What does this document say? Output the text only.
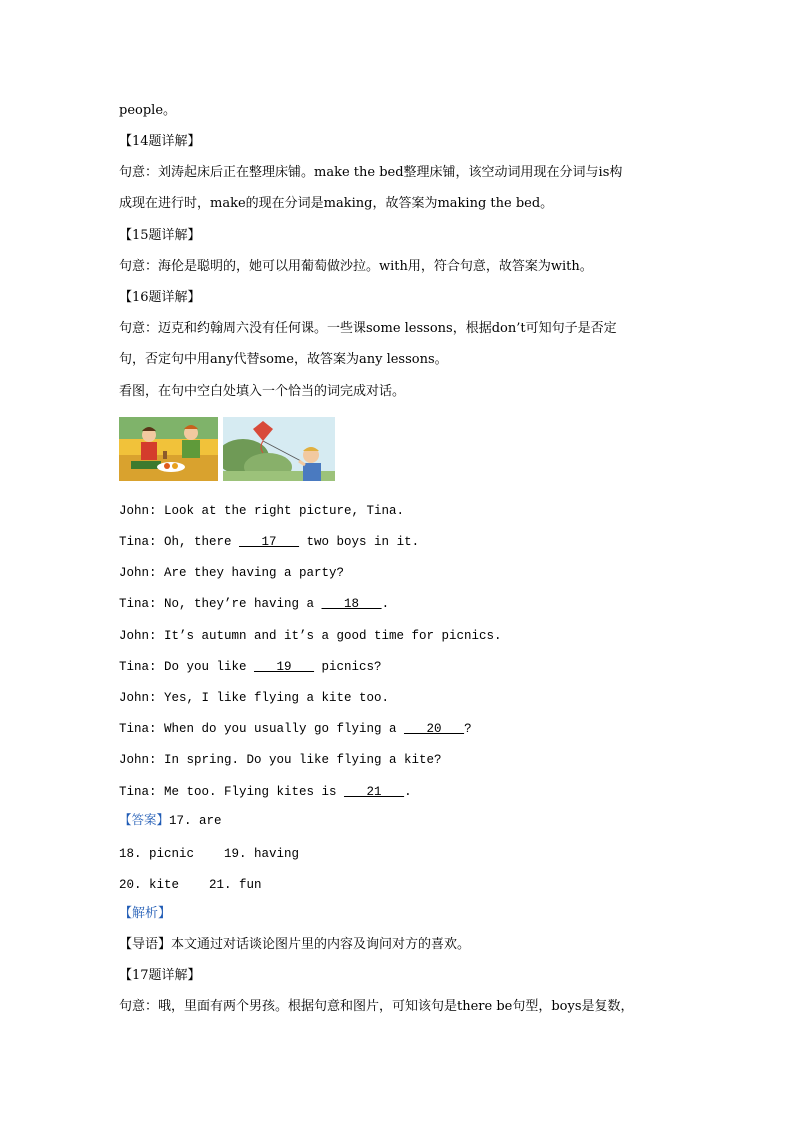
people。
【14题详解】
句意：刘涛起床后正在整理床铺。make the bed整理床铺，该空动词用现在分词与is构
成现在进行时，make的现在分词是making，故答案为making the bed。
【15题详解】
句意：海伦是聪明的，她可以用葡萄做沙拉。with用，符合句意，故答案为with。
【16题详解】
句意：迈克和约翰周六没有任何课。一些课some lessons，根据don’t可知句子是否定
句，否定句中用any代替some，故答案为any lessons。
看图，在句中空白处填入一个恰当的词完成对话。
John: Look at the right picture, Tina.
Tina: Oh, there ___17___ two boys in it.
John: Are they having a party?
Tina: No, they’re having a ___18___.
John: It’s autumn and it’s a good time for picnics.
Tina: Do you like ___19___ picnics?
John: Yes, I like flying a kite too.
Tina: When do you usually go flying a ___20___?
John: In spring. Do you like flying a kite?
Tina: Me too. Flying kites is ___21___.
【答案】17. are
18. picnic    19. having
20. kite    21. fun
【解析】
【导语】本文通过对话谈论图片里的内容及询问对方的喜欢。
【17题详解】
句意：哦，里面有两个男孩。根据句意和图片，可知该句是there be句型，boys是复数，
